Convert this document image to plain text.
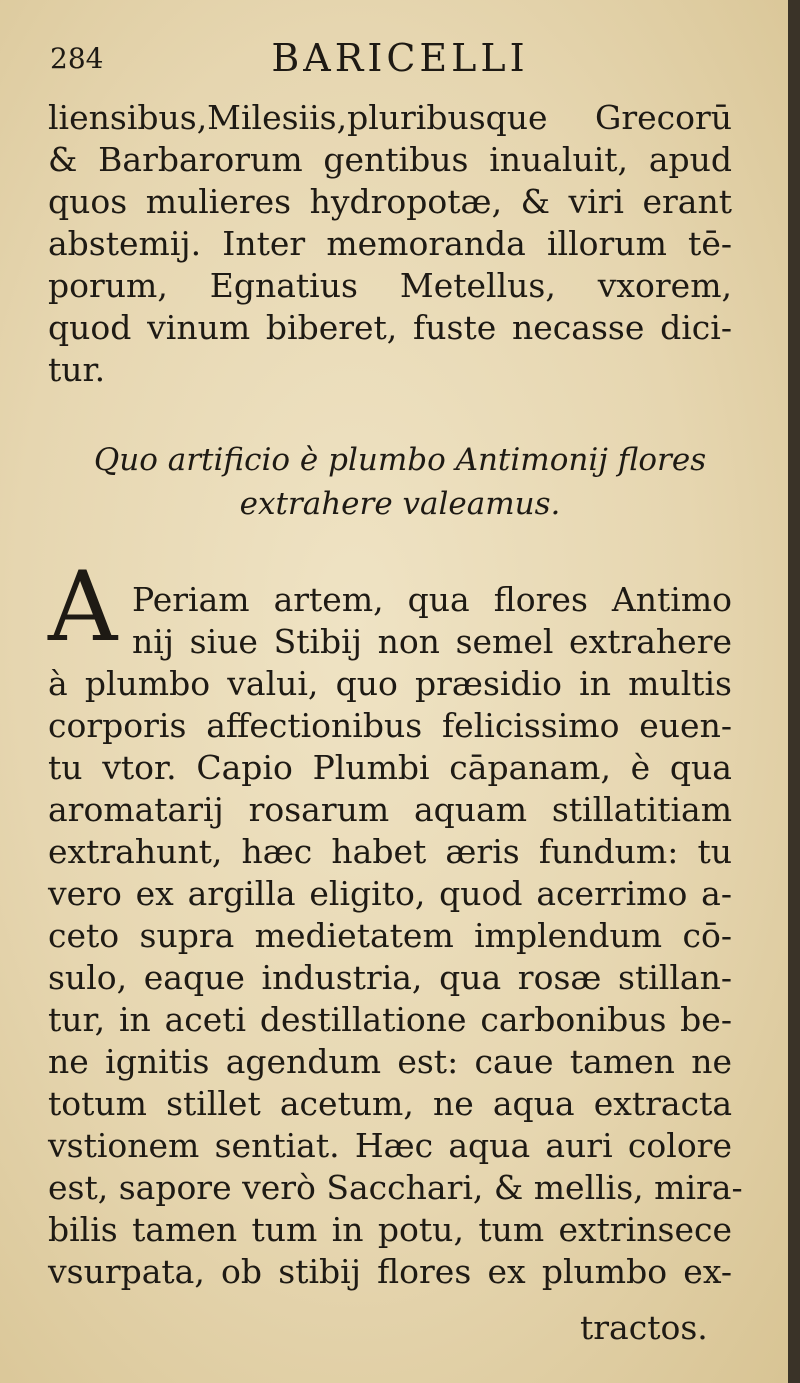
284	BARICELLI

liensibus,Milesiis,pluribusque Grecorū

& Barbarorum gentibus inualuit, apud

quos mulieres hydropotæ, & viri erant

abstemij. Inter memoranda illorum tē-

porum, Egnatius Metellus, vxorem,

quod vinum biberet, fuste necasse dici-

tur.

Quo artificio è plumbo Antimonij flores
extrahere valeamus.
A Periam artem, qua flores Antimo

nij siue Stibij non semel extrahere

à plumbo valui, quo præsidio in multis

corporis affectionibus felicissimo euen-

tu vtor. Capio Plumbi cāpanam, è qua

aromatarij rosarum aquam stillatitiam

extrahunt, hæc habet æris fundum: tu

vero ex argilla eligito, quod acerrimo a-

ceto supra medietatem implendum cō-

sulo, eaque industria, qua rosæ stillan-

tur, in aceti destillatione carbonibus be-

ne ignitis agendum est: caue tamen ne

totum stillet acetum, ne aqua extracta

vstionem sentiat. Hæc aqua auri colore

est, sapore verò Sacchari, & mellis, mira-

bilis tamen tum in potu, tum extrinsece

vsurpata, ob stibij flores ex plumbo ex-

tractos.
